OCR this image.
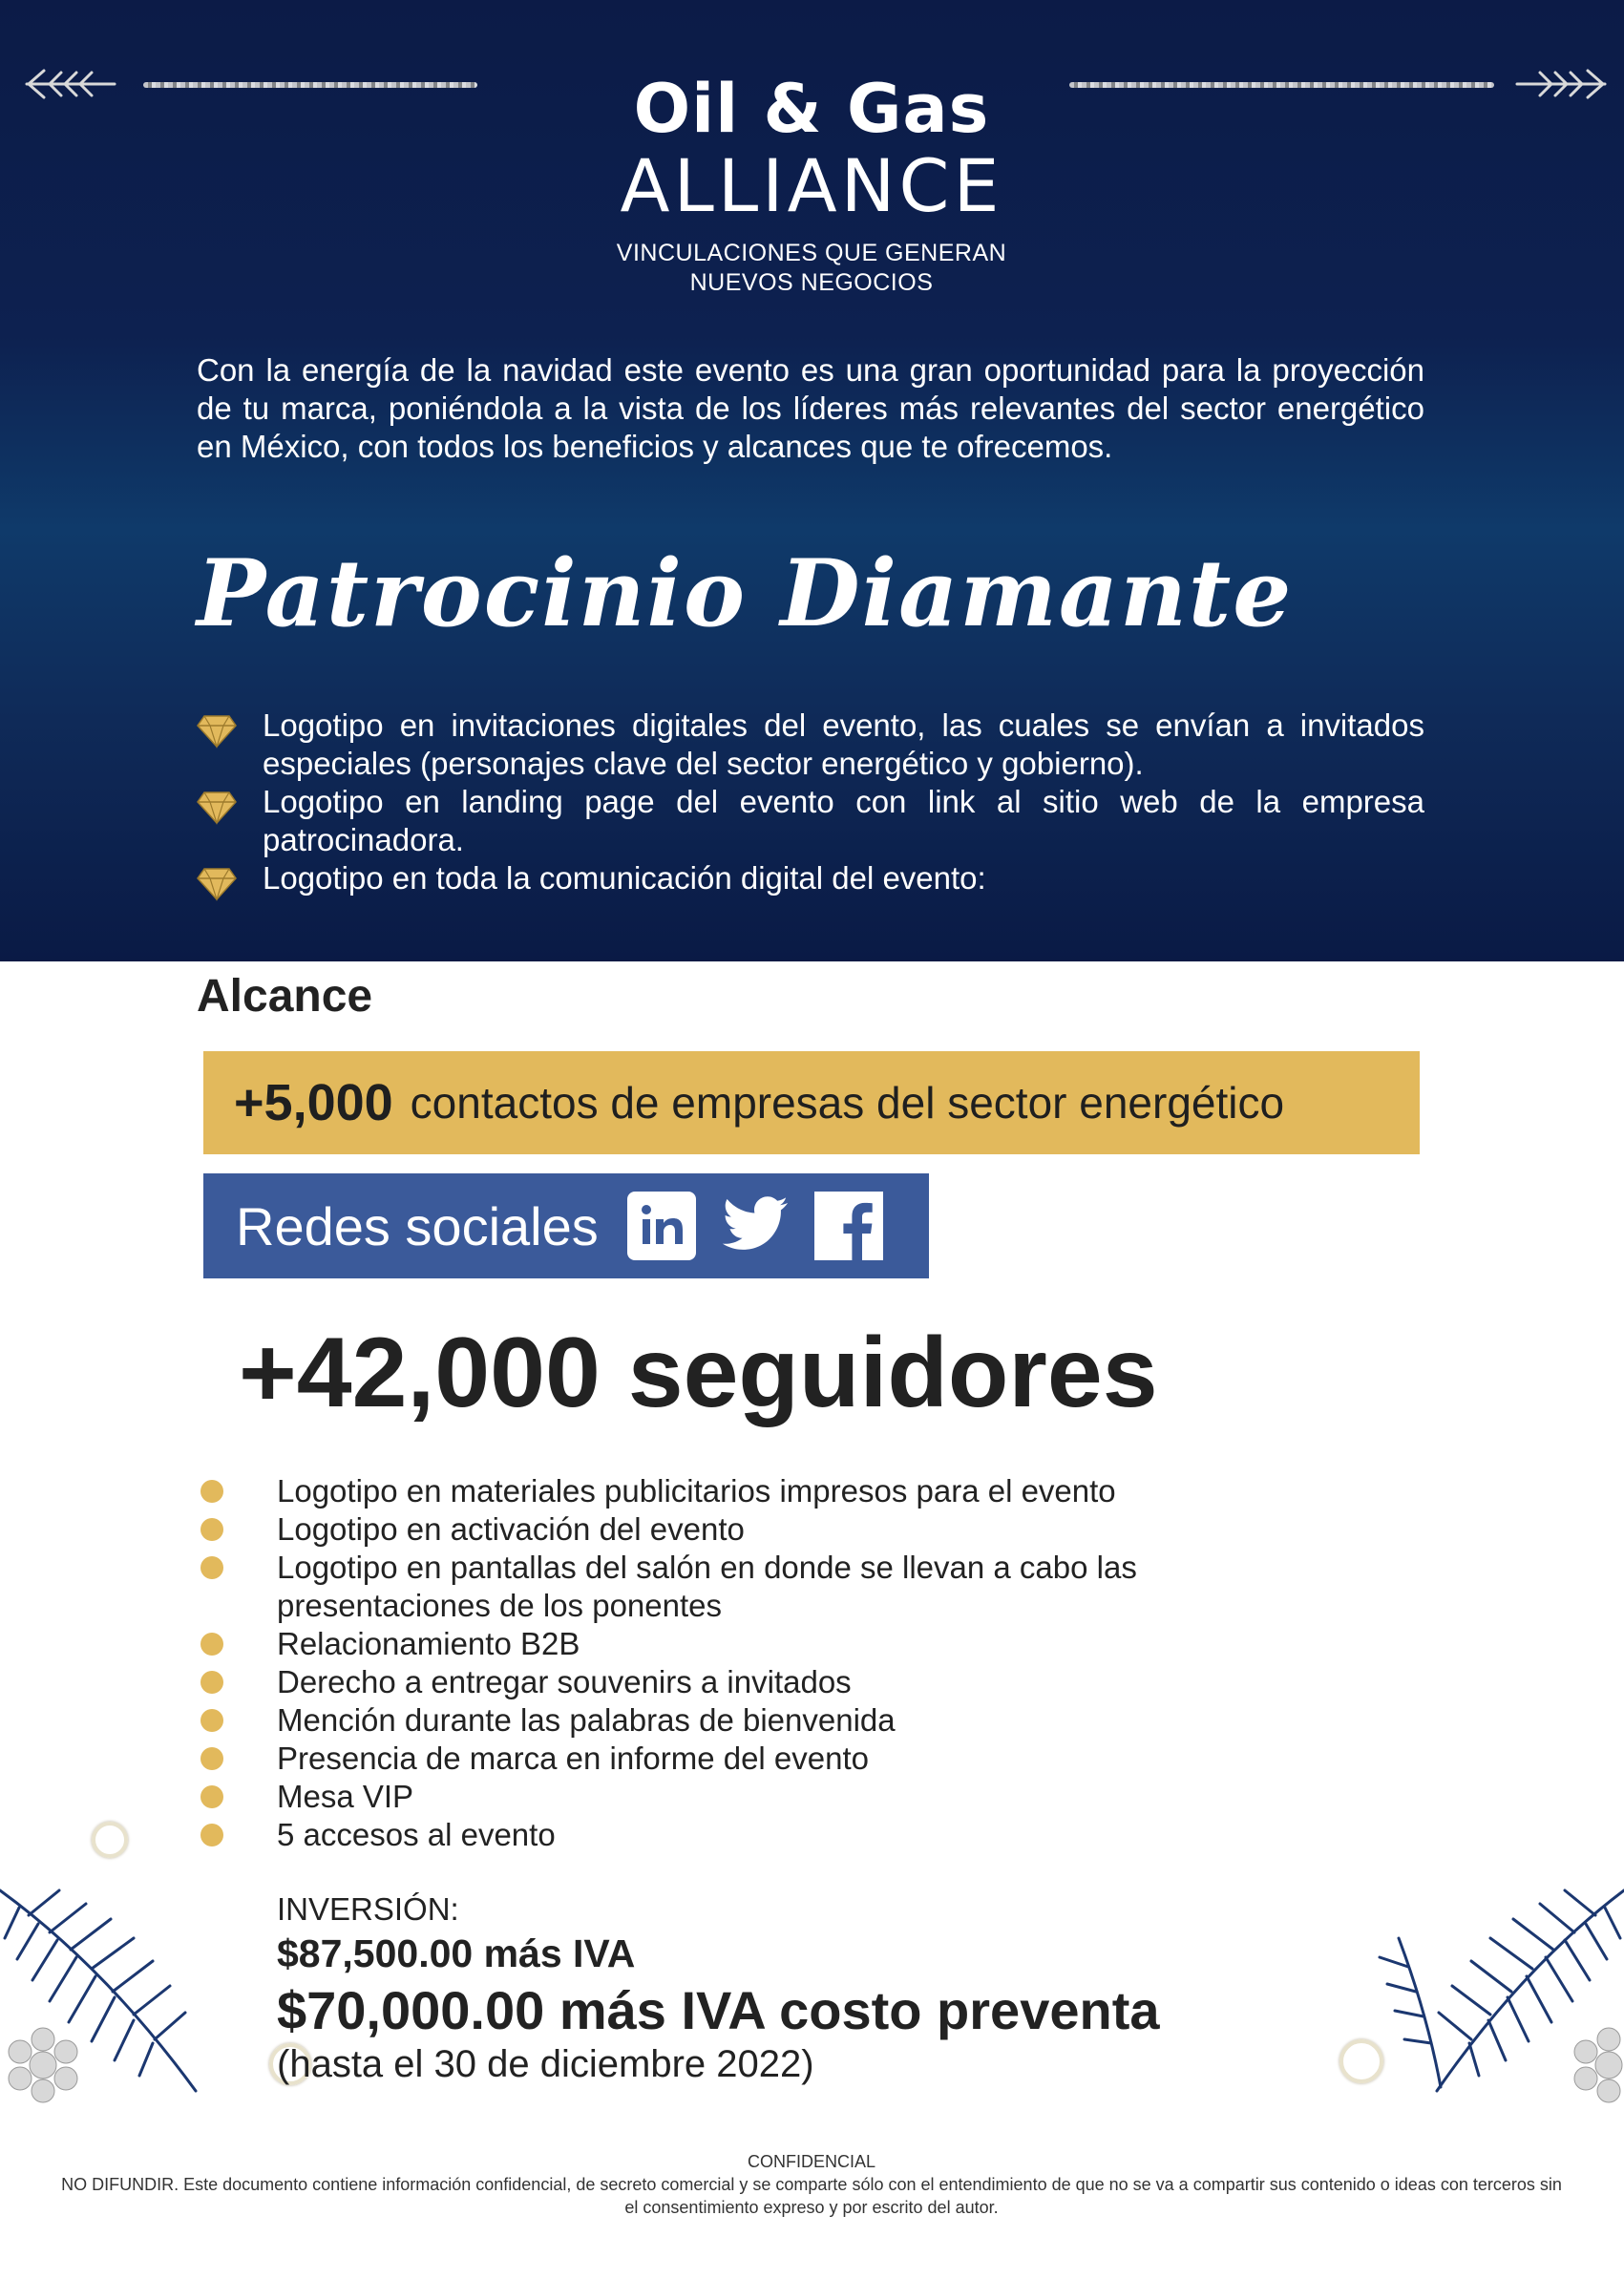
Oil & Gas
ALLIANCE
VINCULACIONES QUE GENERAN
NUEVOS NEGOCIOS

Con la energía de la navidad este evento es una gran oportunidad para la proyección de tu marca, poniéndola a la vista de los líderes más relevantes del sector energético en México, con todos los beneficios y alcances que te ofrecemos.

Patrocinio Diamante
Logotipo en invitaciones digitales del evento, las cuales se envían a invitados especiales (personajes clave del sector energético y gobierno).
Logotipo en landing page del evento con link al sitio web de la empresa patrocinadora.
Logotipo en toda la comunicación digital del evento:
Alcance
+5,000 contactos de empresas del sector energético
Redes sociales
+42,000 seguidores
Logotipo en materiales publicitarios impresos para el evento
Logotipo en activación del evento
Logotipo en pantallas del salón en donde se llevan a cabo las presentaciones de los ponentes
Relacionamiento B2B
Derecho a entregar souvenirs a invitados
Mención durante las palabras de bienvenida
Presencia de marca en informe del evento
Mesa VIP
5 accesos al evento
INVERSIÓN:
$87,500.00 más IVA
$70,000.00 más IVA costo preventa
(hasta el 30 de diciembre 2022)
CONFIDENCIAL
NO DIFUNDIR. Este documento contiene información confidencial, de secreto comercial y se comparte sólo con el entendimiento de que no se va a compartir sus contenido o ideas con terceros sin el consentimiento expreso y por escrito del autor.
